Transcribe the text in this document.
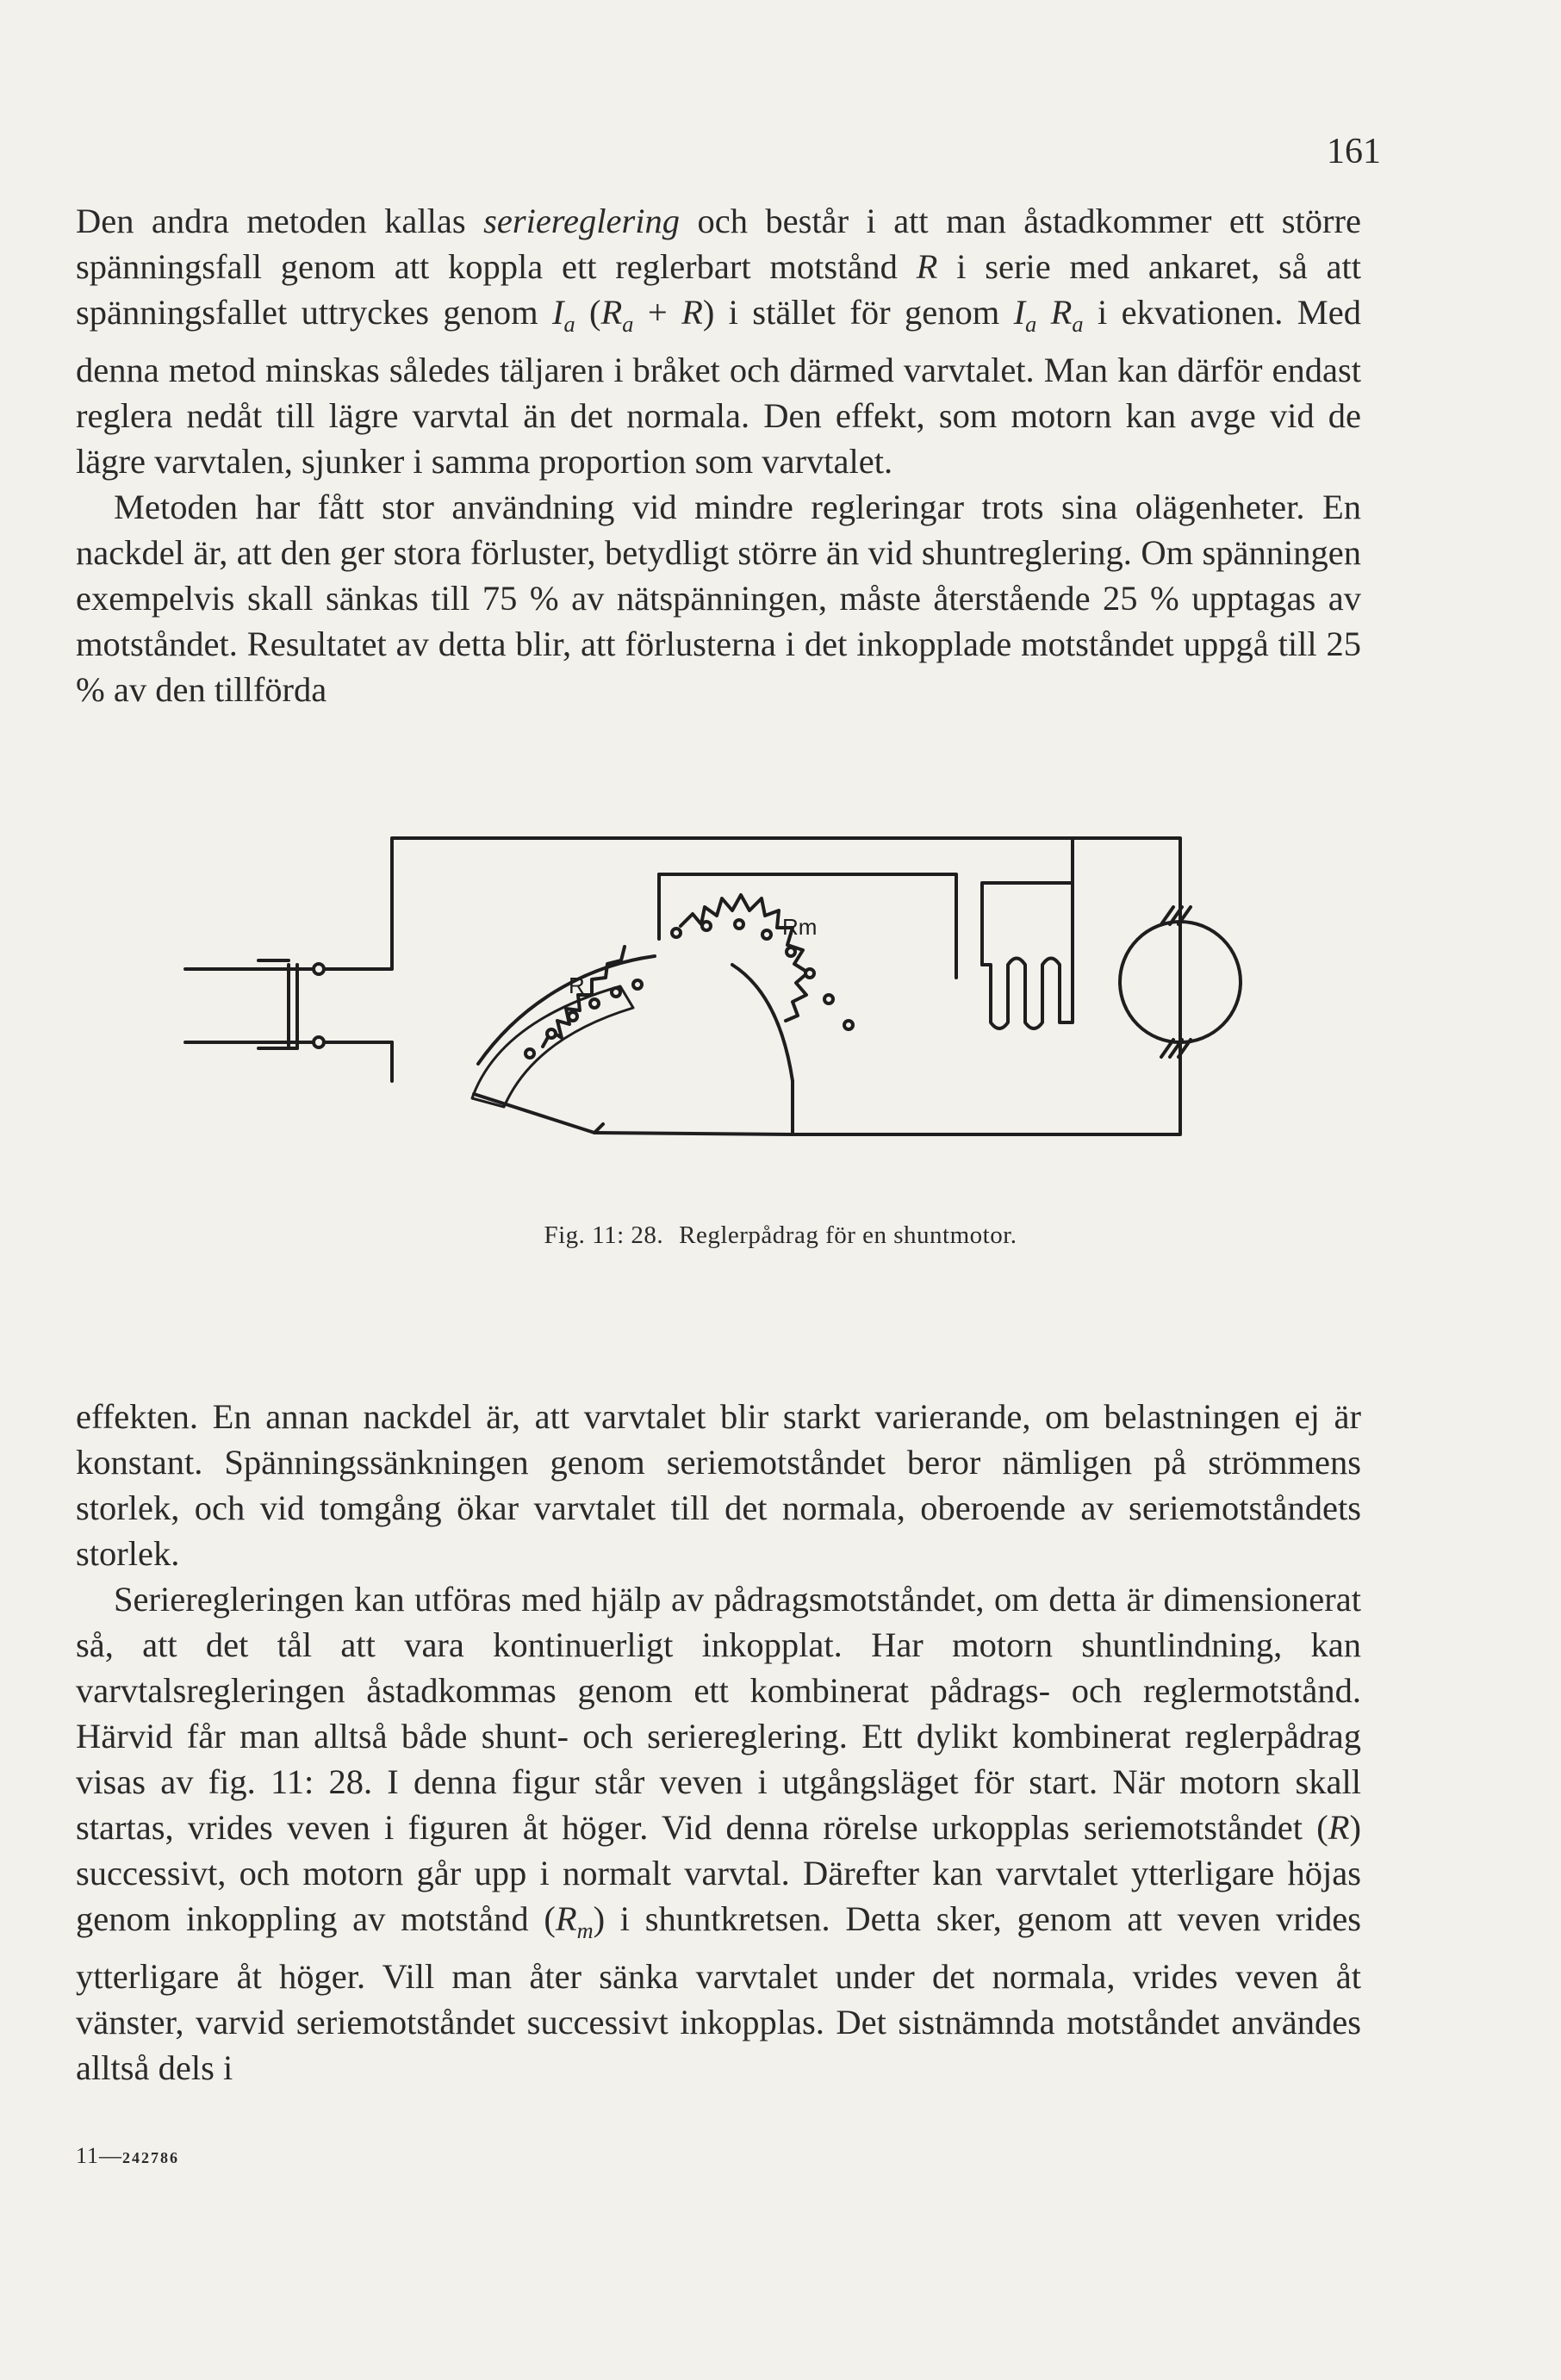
161

Den andra metoden kallas seriereglering och består i att man åstadkommer ett större spänningsfall genom att koppla ett reglerbart motstånd R i serie med ankaret, så att spänningsfallet uttryckes genom $I_a$ $(R_a + R)$ i stället för genom $I_a$ $R_a$ i ekvationen. Med denna metod minskas således täljaren i bråket och därmed varvtalet. Man kan därför endast reglera nedåt till lägre varvtal än det normala. Den effekt, som motorn kan avge vid de lägre varvtalen, sjunker i samma proportion som varvtalet.

Metoden har fått stor användning vid mindre regleringar trots sina olägenheter. En nackdel är, att den ger stora förluster, betydligt större än vid shuntreglering. Om spänningen exempelvis skall sänkas till 75 % av nätspänningen, måste återstående 25 % upptagas av motståndet. Resultatet av detta blir, att förlusterna i det inkopplade motståndet uppgå till 25 % av den tillförda

Rm
R
Fig. 11: 28. Reglerpådrag för en shuntmotor.

effekten. En annan nackdel är, att varvtalet blir starkt varierande, om belastningen ej är konstant. Spänningssänkningen genom seriemotståndet beror nämligen på strömmens storlek, och vid tomgång ökar varvtalet till det normala, oberoende av seriemotståndets storlek.

Serieregleringen kan utföras med hjälp av pådragsmotståndet, om detta är dimensionerat så, att det tål att vara kontinuerligt inkopplat. Har motorn shuntlindning, kan varvtalsregleringen åstadkommas genom ett kombinerat pådrags- och reglermotstånd. Härvid får man alltså både shunt- och seriereglering. Ett dylikt kombinerat reglerpådrag visas av fig. 11: 28. I denna figur står veven i utgångsläget för start. När motorn skall startas, vrides veven i figuren åt höger. Vid denna rörelse urkopplas seriemotståndet (R) successivt, och motorn går upp i normalt varvtal. Därefter kan varvtalet ytterligare höjas genom inkoppling av motstånd $(R_m)$ i shuntkretsen. Detta sker, genom att veven vrides ytterligare åt höger. Vill man åter sänka varvtalet under det normala, vrides veven åt vänster, varvid seriemotståndet successivt inkopplas. Det sistnämnda motståndet användes alltså dels i

11—242786
